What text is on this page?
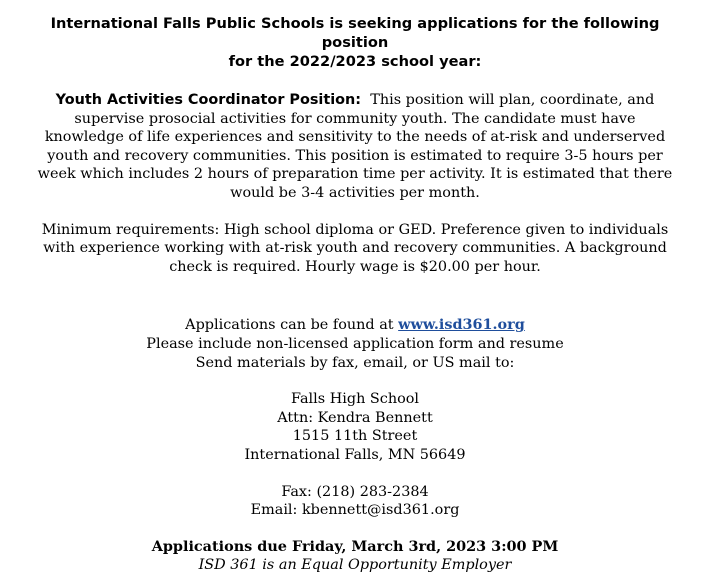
International Falls Public Schools is seeking applications for the following position
for the 2022/2023 school year:

Youth Activities Coordinator Position: This position will plan, coordinate, and supervise prosocial activities for community youth. The candidate must have knowledge of life experiences and sensitivity to the needs of at-risk and underserved youth and recovery communities. This position is estimated to require 3-5 hours per week which includes 2 hours of preparation time per activity. It is estimated that there would be 3-4 activities per month.

Minimum requirements: High school diploma or GED. Preference given to individuals with experience working with at-risk youth and recovery communities. A background check is required. Hourly wage is $20.00 per hour.

Applications can be found at www.isd361.org
Please include non-licensed application form and resume
Send materials by fax, email, or US mail to:
Falls High School
Attn: Kendra Bennett
1515 11th Street
International Falls, MN 56649
Fax: (218) 283-2384
Email: kbennett@isd361.org
Applications due Friday, March 3rd, 2023 3:00 PM
ISD 361 is an Equal Opportunity Employer
